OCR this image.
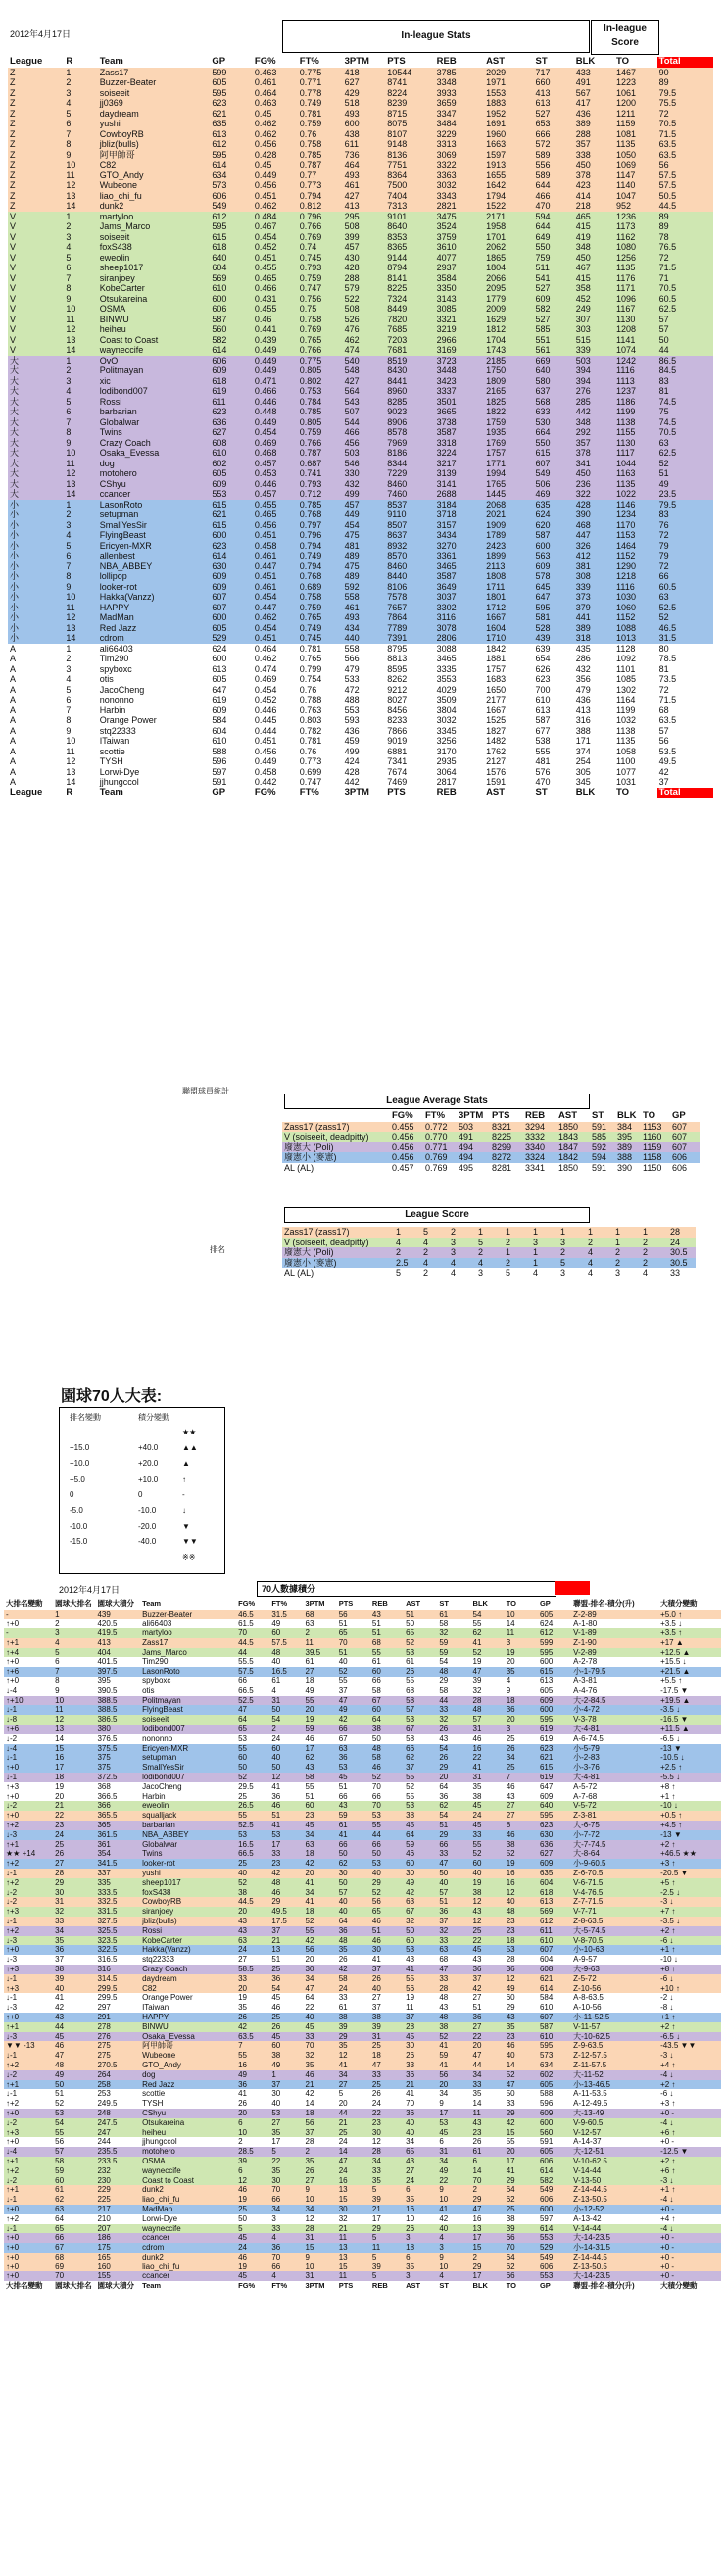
2012年4月17日	In-league Stats
In-league Score
League	R	Team	GP	FG%	FT%	3PTM	PTS	REB	AST	ST	BLK	TO	Total
Z	1	Zass17	599	0.463	0.775	418	10544	3785	2029	717	433	1467	90
Z	2	Buzzer-Beater	605	0.461	0.771	627	8741	3348	1971	660	491	1223	89
Z	3	soiseeit	595	0.464	0.778	429	8224	3933	1553	413	567	1061	79.5
Z	4	jj0369	623	0.463	0.749	518	8239	3659	1883	613	417	1200	75.5
Z	5	daydream	621	0.45	0.781	493	8715	3347	1952	527	436	1211	72
Z	6	yushi	635	0.462	0.759	600	8075	3484	1691	653	389	1159	70.5
Z	7	CowboyRB	613	0.462	0.76	438	8107	3229	1960	666	288	1081	71.5
Z	8	jbliz(bulls)	612	0.456	0.758	611	9148	3313	1663	572	357	1135	63.5
Z	9	阿甲帥哥	595	0.428	0.785	736	8136	3069	1597	589	338	1050	63.5
Z	10	C82	614	0.45	0.787	464	7751	3322	1913	556	450	1069	56
Z	11	GTO_Andy	634	0.449	0.77	493	8364	3363	1655	589	378	1147	57.5
Z	12	Wubeone	573	0.456	0.773	461	7500	3032	1642	644	423	1140	57.5
Z	13	liao_chi_fu	606	0.451	0.794	427	7404	3343	1794	466	414	1047	50.5
Z	14	dunk2	549	0.462	0.812	413	7313	2821	1522	470	218	952	44.5
V	1	martyloo	612	0.484	0.796	295	9101	3475	2171	594	465	1236	89
V	2	Jams_Marco	595	0.467	0.766	508	8640	3524	1958	644	415	1173	89
V	3	soiseeit	615	0.454	0.769	399	8353	3759	1701	649	419	1162	78
V	4	foxS438	618	0.452	0.74	457	8365	3610	2062	550	348	1080	76.5
V	5	eweolin	640	0.451	0.745	430	9144	4077	1865	759	450	1256	72
V	6	sheep1017	604	0.455	0.793	428	8794	2937	1804	511	467	1135	71.5
V	7	siranjoey	569	0.465	0.759	288	8141	3584	2066	541	415	1176	71
V	8	KobeCarter	610	0.466	0.747	579	8225	3350	2095	527	358	1171	70.5
V	9	Otsukareina	600	0.431	0.756	522	7324	3143	1779	609	452	1096	60.5
V	10	OSMA	606	0.455	0.75	508	8449	3085	2009	582	249	1167	62.5
V	11	BINWU	587	0.46	0.758	526	7820	3321	1629	527	307	1130	57
V	12	heiheu	560	0.441	0.769	476	7685	3219	1812	585	303	1208	57
V	13	Coast to Coast	582	0.439	0.765	462	7203	2966	1704	551	515	1141	50
V	14	wayneccife	614	0.449	0.766	474	7681	3169	1743	561	339	1074	44
大	1	OvO	606	0.449	0.775	540	8519	3723	2185	669	503	1242	86.5
大	2	Politmayan	609	0.449	0.805	548	8430	3448	1750	640	394	1116	84.5
大	3	xic	618	0.471	0.802	427	8441	3423	1809	580	394	1113	83
大	4	lodibond007	619	0.466	0.753	564	8960	3337	2165	637	276	1237	81
大	5	Rossi	611	0.446	0.784	543	8285	3501	1825	568	285	1186	74.5
大	6	barbarian	623	0.448	0.785	507	9023	3665	1822	633	442	1199	75
大	7	Globalwar	636	0.449	0.805	544	8906	3738	1759	530	348	1138	74.5
大	8	Twins	627	0.454	0.759	466	8578	3587	1935	664	292	1155	70.5
大	9	Crazy Coach	608	0.469	0.766	456	7969	3318	1769	550	357	1130	63
大	10	Osaka_Evessa	610	0.468	0.787	503	8186	3224	1757	615	378	1117	62.5
大	11	dog	602	0.457	0.687	546	8344	3217	1771	607	341	1044	52
大	12	motohero	605	0.453	0.741	330	7229	3139	1994	549	450	1163	51
大	13	CShyu	609	0.446	0.793	432	8460	3141	1765	506	236	1135	49
大	14	ccancer	553	0.457	0.712	499	7460	2688	1445	469	322	1022	23.5
小	1	LasonRoto	615	0.455	0.785	457	8537	3184	2068	635	428	1146	79.5
小	2	setupman	621	0.465	0.768	449	9110	3718	2021	624	390	1234	83
小	3	SmallYesSir	615	0.456	0.797	454	8507	3157	1909	620	468	1170	76
小	4	FlyingBeast	600	0.451	0.796	475	8637	3434	1789	587	447	1153	72
小	5	Ericyen-MXR	623	0.458	0.794	481	8932	3270	2423	600	326	1464	79
小	6	allenbest	614	0.461	0.749	489	8570	3361	1899	563	412	1152	79
小	7	NBA_ABBEY	630	0.447	0.794	475	8460	3465	2113	609	381	1290	72
小	8	lollipop	609	0.451	0.768	489	8440	3587	1808	578	308	1218	66
小	9	looker-rot	609	0.461	0.689	592	8106	3649	1711	645	339	1116	60.5
小	10	Hakka(Vanzz)	607	0.454	0.758	558	7578	3037	1801	647	373	1030	63
小	11	HAPPY	607	0.447	0.759	461	7657	3302	1712	595	379	1060	52.5
小	12	MadMan	600	0.462	0.765	493	7864	3116	1667	581	441	1152	52
小	13	Red Jazz	605	0.454	0.749	434	7789	3078	1604	528	389	1088	46.5
小	14	cdrom	529	0.451	0.745	440	7391	2806	1710	439	318	1013	31.5
A	1	ali66403	624	0.464	0.781	558	8795	3088	1842	639	435	1128	80
A	2	Tim290	600	0.462	0.765	566	8813	3465	1881	654	286	1092	78.5
A	3	spyboxc	613	0.474	0.799	479	8595	3335	1757	626	432	1101	81
A	4	otis	605	0.469	0.754	533	8262	3553	1683	623	356	1085	73.5
A	5	JacoCheng	647	0.454	0.76	472	9212	4029	1650	700	479	1302	72
A	6	nononno	619	0.452	0.788	488	8027	3509	2177	610	436	1164	71.5
A	7	Harbin	609	0.446	0.763	553	8456	3804	1667	613	413	1199	68
A	8	Orange Power	584	0.445	0.803	593	8233	3032	1525	587	316	1032	63.5
A	9	stq22333	604	0.444	0.782	436	7866	3345	1827	677	388	1138	57
A	10	ITaiwan	610	0.451	0.781	459	9019	3256	1482	538	171	1135	56
A	11	scottie	588	0.456	0.76	499	6881	3170	1762	555	374	1058	53.5
A	12	TYSH	596	0.449	0.773	424	7341	2935	2127	481	254	1100	49.5
A	13	Lorwi-Dye	597	0.458	0.699	428	7674	3064	1576	576	305	1077	42
A	14	jjhungccol	591	0.442	0.747	442	7469	2817	1591	470	345	1031	37
League	R	Team	GP	FG%	FT%	3PTM	PTS	REB	AST	ST	BLK	TO	Total
聯盟球員統計
League Average Stats
	FG%	FT%	3PTM	PTS	REB	AST	ST	BLK	TO	GP
Zass17 (zass17)	0.455	0.772	503	8321	3294	1850	591	384	1153	607
V (soiseeit, deadpitty)	0.456	0.770	491	8225	3332	1843	585	395	1160	607
廢憲大 (Poli)	0.456	0.771	494	8299	3340	1847	592	389	1159	607
廢憲小 (麥憲)	0.456	0.769	494	8272	3324	1842	594	388	1158	606
AL (AL)	0.457	0.769	495	8281	3341	1850	591	390	1150	606
League Score
排名
Zass17 (zass17)	1	5	2	1	1	1	1	1	1	1	28
V (soiseeit, deadpitty)	4	4	3	5	2	3	3	2	1	2	24
廢憲大 (Poli)	2	2	3	2	1	1	2	4	2	2	30.5
廢憲小 (麥憲)	2.5	4	4	4	2	1	5	4	2	2	30.5
AL (AL)	5	2	4	3	5	4	3	4	3	4	33
園球70人大表:
排名變動	積分變動
★★
+15.0	+40.0	▲▲
+10.0	+20.0	▲
+5.0	+10.0	↑
0	0	-
-5.0	-10.0	↓
-10.0	-20.0	▼
-15.0	-40.0	▼▼
※※
2012年4月17日	70人數據積分
大排名變動	園球大排名	園球大積分	Team	FG%	FT%	3PTM	PTS	REB	AST	ST	BLK	TO	GP	聯盟-排名-積分(升)	大積分變動
-	1	439	Buzzer-Beater	46.5	31.5	68	56	43	51	61	54	10	605	Z-2-89	+5.0 ↑
↑+0	2	420.5	ali66403	61.5	49	63	51	51	50	58	55	14	624	A-1-80	+3.5 ↓
-	3	419.5	martyloo	70	60	2	65	51	65	32	62	11	612	V-1-89	+3.5 ↑
↑+1	4	413	Zass17	44.5	57.5	11	70	68	52	59	41	3	599	Z-1-90	+17 ▲
↑+4	5	404	Jams_Marco	44	48	39.5	51	55	53	59	52	19	595	V-2-89	+12.5 ▲
↑+0	6	401.5	Tim290	55.5	40	61	40	61	61	54	19	20	600	A-2-78	+15.5 ↓
↑+6	7	397.5	LasonRoto	57.5	16.5	27	52	60	26	48	47	35	615	小-1-79.5	+21.5 ▲
↑+0	8	395	spyboxc	66	61	18	55	66	55	29	39	4	613	A-3-81	+5.5 ↑
↓-4	9	390.5	otis	66.5	4	49	37	58	68	58	32	9	605	A-4-76	-17.5 ▼
↑+10	10	388.5	Politmayan	52.5	31	55	47	67	58	44	28	18	609	大-2-84.5	+19.5 ▲
↓-1	11	388.5	FlyingBeast	47	50	20	49	60	57	33	48	36	600	小-4-72	-3.5 ↓
↓-8	12	386.5	soiseeit	64	54	19	42	64	53	32	57	20	595	V-3-78	-16.5 ▼
↑+6	13	380	lodibond007	65	2	59	66	38	67	26	31	3	619	大-4-81	+11.5 ▲
↓-2	14	376.5	nononno	53	24	46	67	50	58	43	46	25	619	A-6-74.5	-6.5 ↓
↓-4	15	375.5	Ericyen-MXR	55	60	17	63	48	66	54	16	26	623	小-5-79	-13 ▼
↓-1	16	375	setupman	60	40	62	36	58	62	26	22	34	621	小-2-83	-10.5 ↓
↑+0	17	375	SmallYesSir	50	50	43	53	46	37	29	41	25	615	小-3-76	+2.5 ↑
↓-1	18	372.5	lodibond007	52	12	58	45	52	55	20	31	7	619	大-4-81	-5.5 ↓
↑+3	19	368	JacoCheng	29.5	41	55	51	70	52	64	35	46	647	A-5-72	+8 ↑
↑+0	20	366.5	Harbin	25	36	51	66	66	55	36	38	43	609	A-7-68	+1 ↑
↓-2	21	366	eweolin	26.5	46	60	43	70	53	62	45	27	640	V-5-72	-10 ↓
↑+0	22	365.5	squalljack	55	51	23	59	53	38	54	24	27	595	Z-3-81	+0.5 ↑
↑+2	23	365	barbarian	52.5	41	45	61	55	45	51	45	8	623	大-6-75	+4.5 ↑
↓-3	24	361.5	NBA_ABBEY	53	53	34	41	44	64	29	33	46	630	小-7-72	-13 ▼
↑+1	25	361	Globalwar	16.5	17	63	66	66	59	66	55	38	636	大-7-74.5	+2 ↑
★★ +14	26	354	Twins	66.5	33	18	50	50	46	33	52	52	627	大-8-64	+46.5 ★★
↑+2	27	341.5	looker-rot	25	23	42	62	53	60	47	60	19	609	小-9-60.5	+3 ↑
↓-1	28	337	yushi	40	42	20	30	40	30	50	40	16	635	Z-6-70.5	-20.5 ▼
↑+2	29	335	sheep1017	52	48	41	50	29	49	40	19	16	604	V-6-71.5	+5 ↑
↓-2	30	333.5	foxS438	38	46	34	57	52	42	57	38	12	618	V-4-76.5	-2.5 ↓
↓-2	31	332.5	CowboyRB	44.5	29	41	40	56	63	51	12	40	613	Z-7-71.5	-3 ↓
↑+3	32	331.5	siranjoey	20	49.5	18	40	65	67	36	43	48	569	V-7-71	+7 ↑
↓-1	33	327.5	jbliz(bulls)	43	17.5	52	64	46	32	37	12	23	612	Z-8-63.5	-3.5 ↓
↑+2	34	325.5	Rossi	43	37	55	36	51	50	32	25	23	611	大-5-74.5	+2 ↑
↓-3	35	323.5	KobeCarter	63	21	42	48	46	60	33	22	18	610	V-8-70.5	-6 ↓
↑+0	36	322.5	Hakka(Vanzz)	24	13	56	35	30	53	63	45	53	607	小-10-63	+1 ↑
↓-3	37	316.5	stq22333	27	51	20	26	41	43	68	43	28	604	A-9-57	-10 ↓
↑+3	38	316	Crazy Coach	58.5	25	30	42	37	41	47	36	36	608	大-9-63	+8 ↑
↓-1	39	314.5	daydream	33	36	34	58	26	55	33	37	12	621	Z-5-72	-6 ↓
↑+3	40	299.5	C82	20	54	47	24	40	56	28	42	49	614	Z-10-56	+10 ↑
↓-1	41	299.5	Orange Power	19	45	64	33	27	19	48	27	60	584	A-8-63.5	-2 ↓
↓-3	42	297	ITaiwan	35	46	22	61	37	11	43	51	29	610	A-10-56	-8 ↓
↑+0	43	291	HAPPY	26	25	40	38	38	37	48	36	43	607	小-11-52.5	+1 ↑
↑+1	44	278	BINWU	42	26	45	39	39	28	38	27	35	587	V-11-57	+2 ↑
↓-3	45	276	Osaka_Evessa	63.5	45	33	29	31	45	52	22	23	610	大-10-62.5	-6.5 ↓
▼▼ -13	46	275	阿甲帥哥	7	60	70	35	25	30	41	20	46	595	Z-9-63.5	-43.5 ▼▼
↓-1	47	275	Wubeone	55	38	32	12	18	26	59	47	40	573	Z-12-57.5	-3 ↓
↑+2	48	270.5	GTO_Andy	16	49	35	41	47	33	41	44	14	634	Z-11-57.5	+4 ↑
↓-2	49	264	dog	49	1	46	34	33	36	56	34	52	602	大-11-52	-4 ↓
↑+1	50	258	Red Jazz	36	37	21	27	25	21	20	33	47	605	小-13-46.5	+2 ↑
↓-1	51	253	scottie	41	30	42	5	26	41	34	35	50	588	A-11-53.5	-6 ↓
↑+2	52	249.5	TYSH	26	40	14	20	24	70	9	14	33	596	A-12-49.5	+3 ↑
↑+0	53	248	CShyu	20	53	18	44	22	36	17	11	29	609	大-13-49	+0 -
↓-2	54	247.5	Otsukareina	6	27	56	21	23	40	53	43	42	600	V-9-60.5	-4 ↓
↑+3	55	247	heiheu	10	35	37	25	30	40	45	23	15	560	V-12-57	+6 ↑
↑+0	56	244	jjhungccol	2	17	28	24	12	34	6	26	55	591	A-14-37	+0 -
↓-4	57	235.5	motohero	28.5	5	2	14	28	65	31	61	20	605	大-12-51	-12.5 ▼
↑+1	58	233.5	OSMA	39	22	35	47	34	43	34	6	17	606	V-10-62.5	+2 ↑
↑+2	59	232	wayneccife	6	35	26	24	33	27	49	14	41	614	V-14-44	+6 ↑
↓-2	60	230	Coast to Coast	12	30	27	16	35	24	22	70	29	582	V-13-50	-3 ↓
↑+1	61	229	dunk2	46	70	9	13	5	6	9	2	64	549	Z-14-44.5	+1 ↑
↓-1	62	225	liao_chi_fu	19	66	10	15	39	35	10	29	62	606	Z-13-50.5	-4 ↓
↑+0	63	217	MadMan	25	34	34	30	21	16	41	47	25	600	小-12-52	+0 -
↑+2	64	210	Lorwi-Dye	50	3	12	32	17	10	42	16	38	597	A-13-42	+4 ↑
↓-1	65	207	wayneccife	5	33	28	21	29	26	40	13	39	614	V-14-44	-4 ↓
↑+0	66	186	ccancer	45	4	31	11	5	3	4	17	66	553	大-14-23.5	+0 -
↑+0	67	175	cdrom	24	36	15	13	11	18	3	15	70	529	小-14-31.5	+0 -
↑+0	68	165	dunk2	46	70	9	13	5	6	9	2	64	549	Z-14-44.5	+0 -
↑+0	69	160	liao_chi_fu	19	66	10	15	39	35	10	29	62	606	Z-13-50.5	+0 -
↑+0	70	155	ccancer	45	4	31	11	5	3	4	17	66	553	大-14-23.5	+0 -
大排名變動	園球大排名	園球大積分	Team	FG%	FT%	3PTM	PTS	REB	AST	ST	BLK	TO	GP	聯盟-排名-積分(升)	大積分變動
